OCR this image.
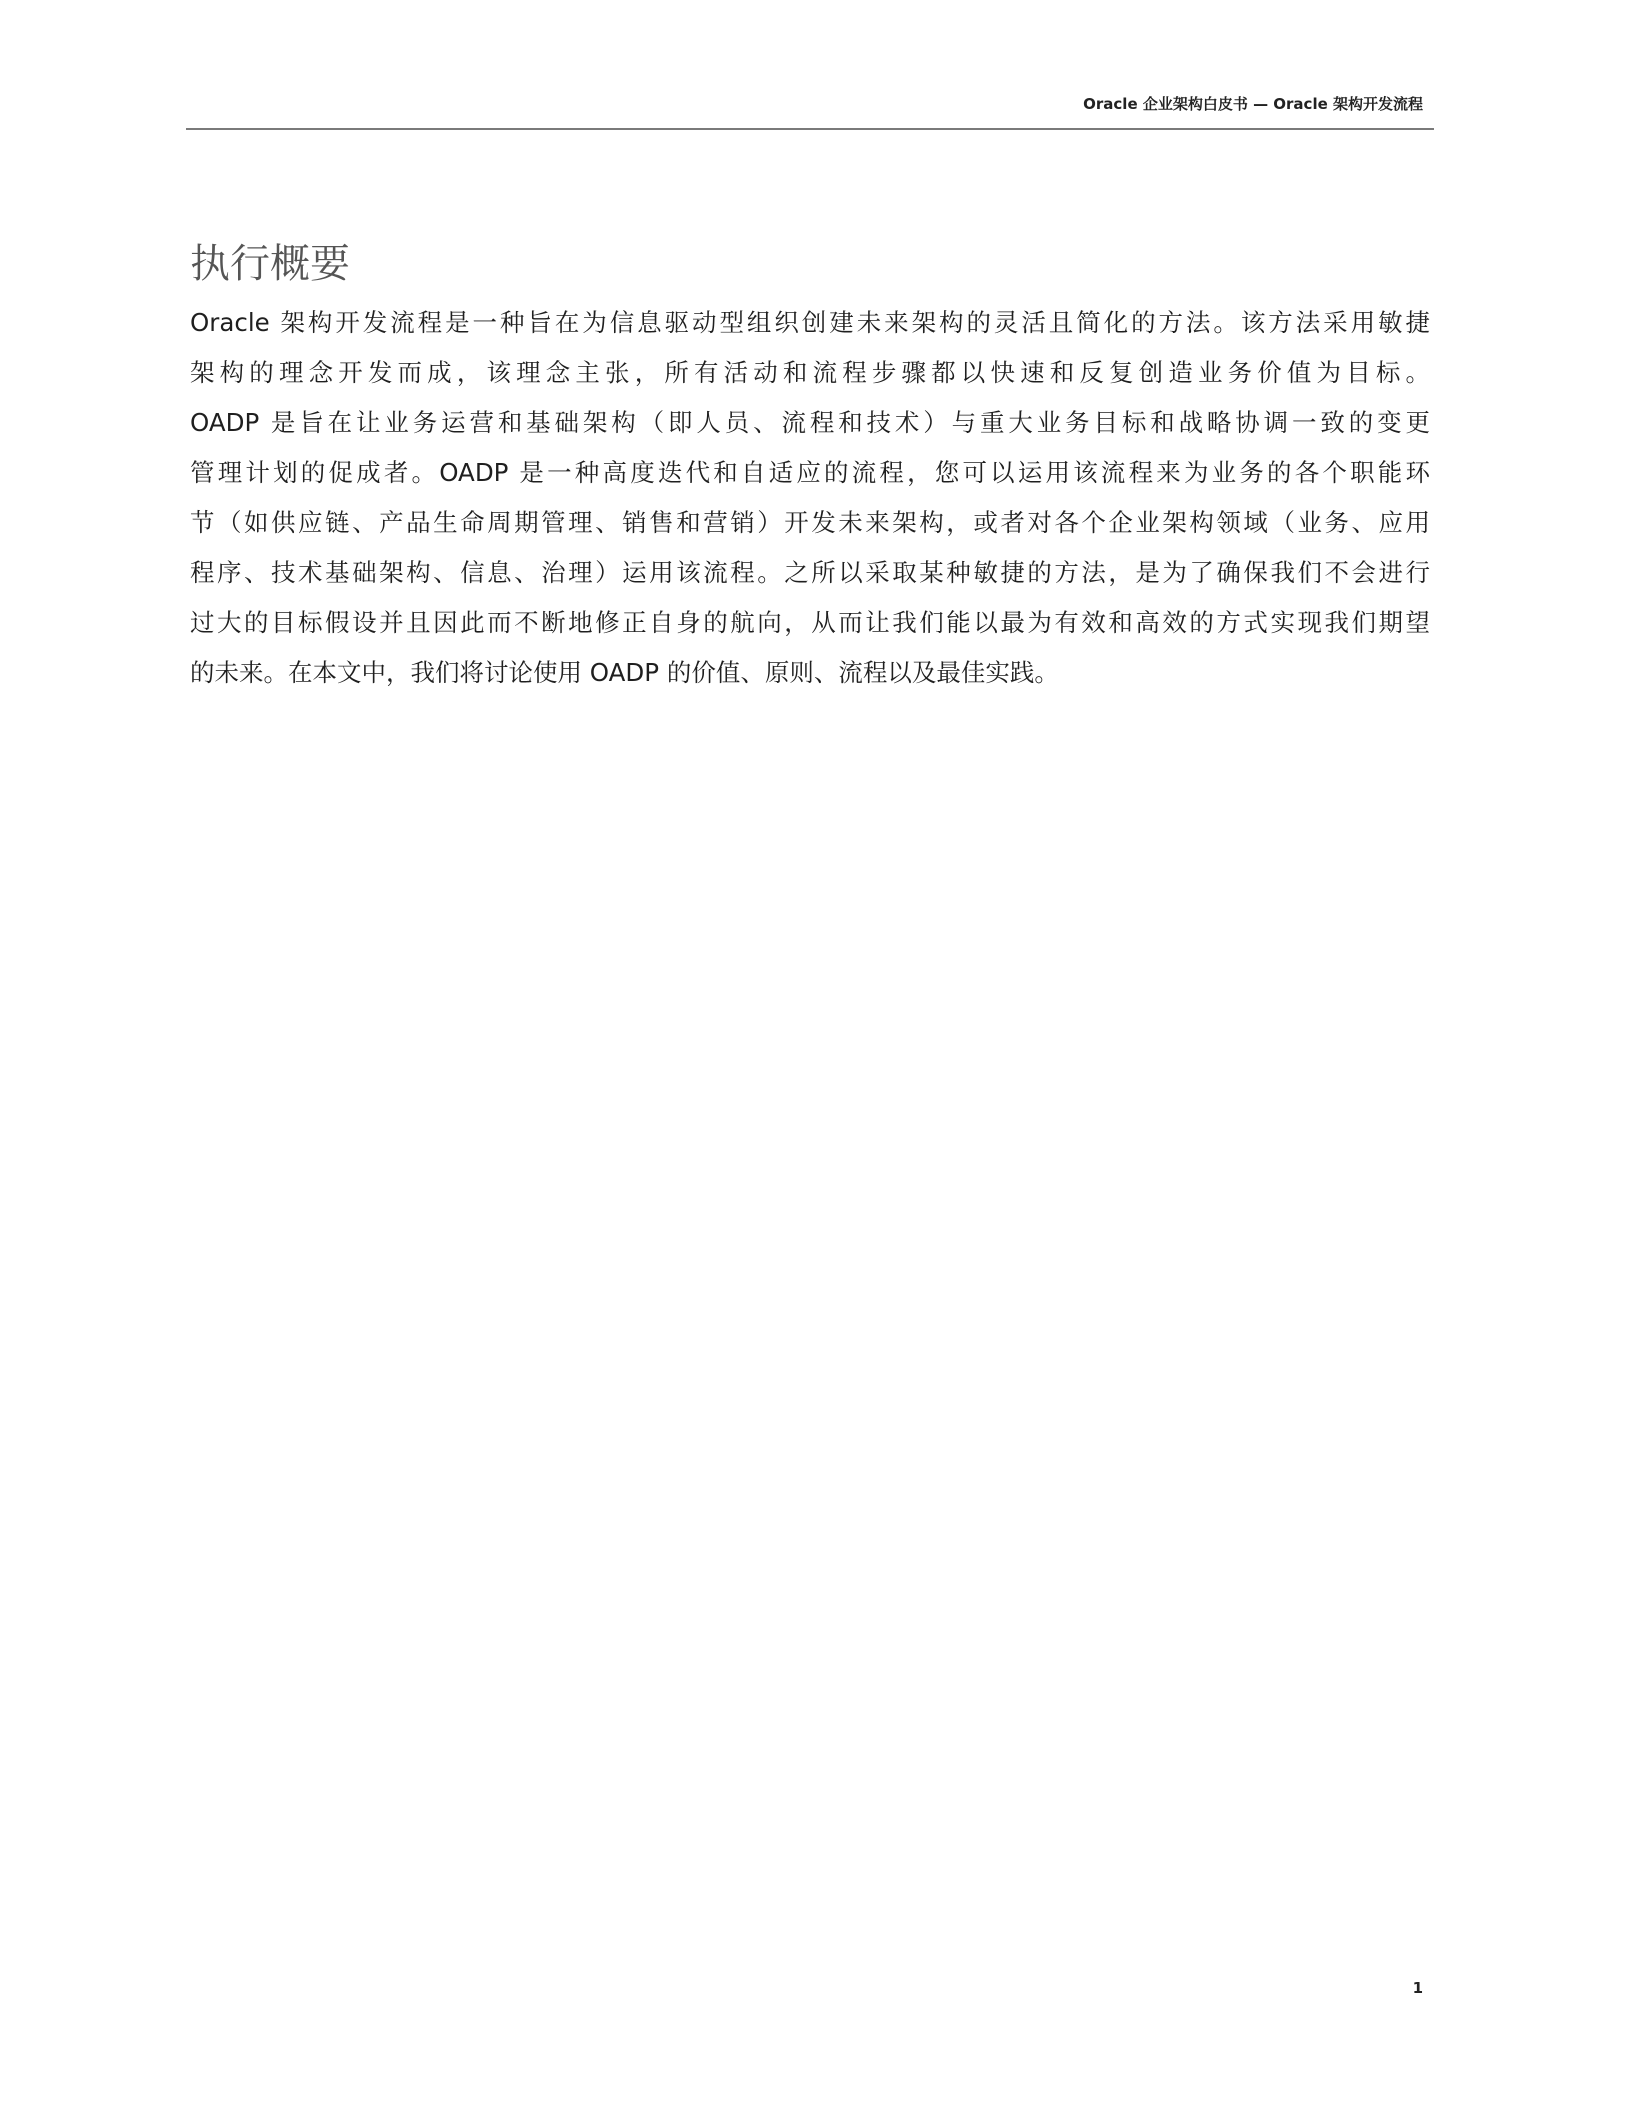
Oracle 企业架构白皮书 — Oracle 架构开发流程
执行概要
Oracle 架构开发流程是一种旨在为信息驱动型组织创建未来架构的灵活且简化的方法。该方法采用敏捷
架构的理念开发而成，该理念主张，所有活动和流程步骤都以快速和反复创造业务价值为目标。
OADP 是旨在让业务运营和基础架构（即人员、流程和技术）与重大业务目标和战略协调一致的变更
管理计划的促成者。OADP 是一种高度迭代和自适应的流程，您可以运用该流程来为业务的各个职能环
节（如供应链、产品生命周期管理、销售和营销）开发未来架构，或者对各个企业架构领域（业务、应用
程序、技术基础架构、信息、治理）运用该流程。之所以采取某种敏捷的方法，是为了确保我们不会进行
过大的目标假设并且因此而不断地修正自身的航向，从而让我们能以最为有效和高效的方式实现我们期望
的未来。在本文中，我们将讨论使用 OADP 的价值、原则、流程以及最佳实践。
1
